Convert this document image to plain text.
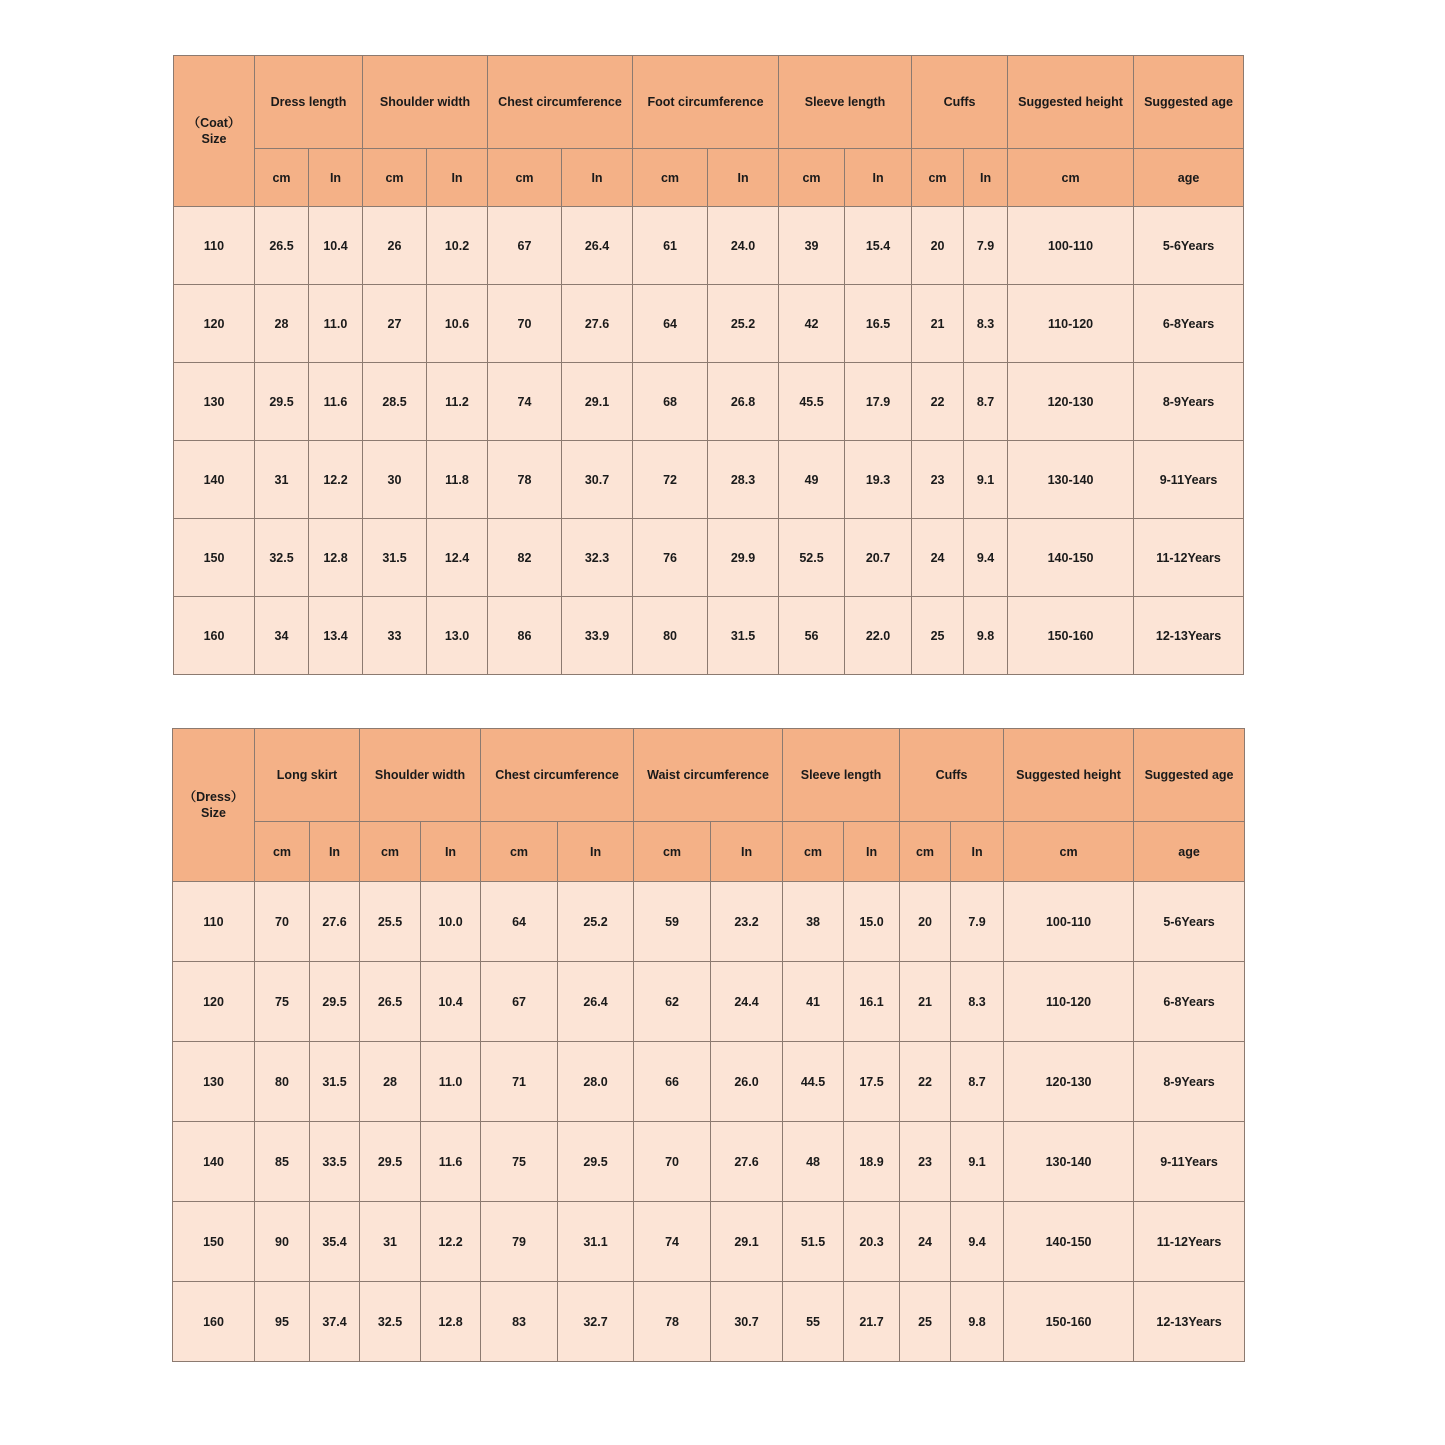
（Coat）
Size	Dress length		Shoulder width		Chest circumference		Foot circumference		Sleeve length		Cuffs		Suggested height	Suggested age
	cm	In	cm	In	cm	In	cm	In	cm	In	cm	In	cm	age
110	26.5	10.4	26	10.2	67	26.4	61	24.0	39	15.4	20	7.9	100-110	5-6Years
120	28	11.0	27	10.6	70	27.6	64	25.2	42	16.5	21	8.3	110-120	6-8Years
130	29.5	11.6	28.5	11.2	74	29.1	68	26.8	45.5	17.9	22	8.7	120-130	8-9Years
140	31	12.2	30	11.8	78	30.7	72	28.3	49	19.3	23	9.1	130-140	9-11Years
150	32.5	12.8	31.5	12.4	82	32.3	76	29.9	52.5	20.7	24	9.4	140-150	11-12Years
160	34	13.4	33	13.0	86	33.9	80	31.5	56	22.0	25	9.8	150-160	12-13Years
（Dress）
Size	Long skirt		Shoulder width		Chest circumference		Waist circumference		Sleeve length		Cuffs		Suggested height	Suggested age
	cm	In	cm	In	cm	In	cm	In	cm	In	cm	In	cm	age
110	70	27.6	25.5	10.0	64	25.2	59	23.2	38	15.0	20	7.9	100-110	5-6Years
120	75	29.5	26.5	10.4	67	26.4	62	24.4	41	16.1	21	8.3	110-120	6-8Years
130	80	31.5	28	11.0	71	28.0	66	26.0	44.5	17.5	22	8.7	120-130	8-9Years
140	85	33.5	29.5	11.6	75	29.5	70	27.6	48	18.9	23	9.1	130-140	9-11Years
150	90	35.4	31	12.2	79	31.1	74	29.1	51.5	20.3	24	9.4	140-150	11-12Years
160	95	37.4	32.5	12.8	83	32.7	78	30.7	55	21.7	25	9.8	150-160	12-13Years
